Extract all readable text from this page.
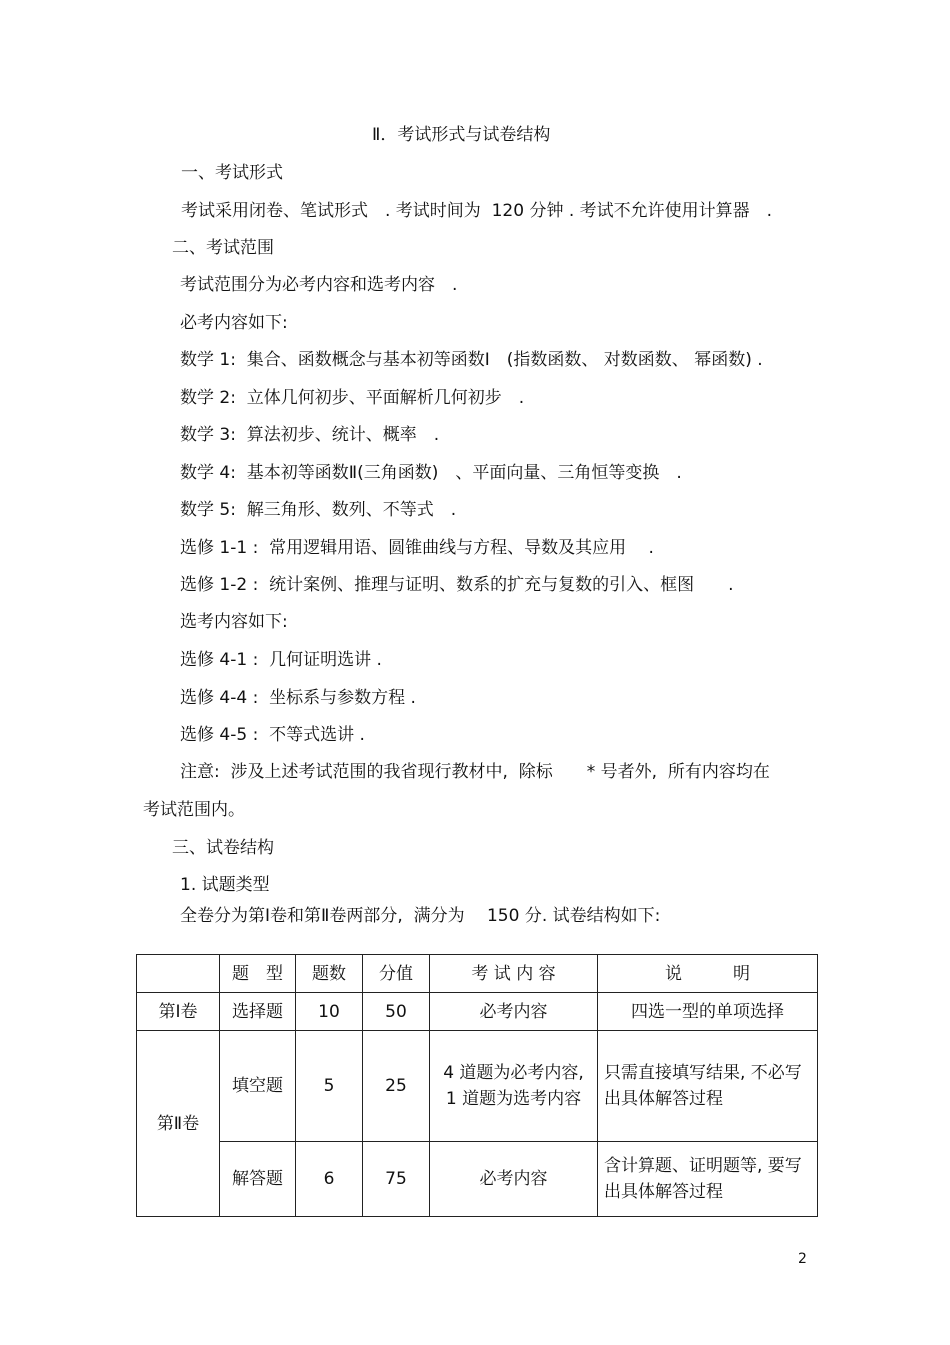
Ⅱ．考试形式与试卷结构
一、考试形式
考试采用闭卷、笔试形式　. 考试时间为  120 分钟 . 考试不允许使用计算器　.
二、考试范围
考试范围分为必考内容和选考内容　.
必考内容如下:
数学 1:  集合、函数概念与基本初等函数Ⅰ　(指数函数、 对数函数、 幂函数) .
数学 2:  立体几何初步、平面解析几何初步　.
数学 3:  算法初步、统计、概率　.
数学 4:  基本初等函数Ⅱ(三角函数)　、平面向量、三角恒等变换　.
数学 5:  解三角形、数列、不等式　.
选修 1-1 :  常用逻辑用语、圆锥曲线与方程、导数及其应用　 .
选修 1-2 :  统计案例、推理与证明、数系的扩充与复数的引入、框图　　.
选考内容如下:
选修 4-1 :  几何证明选讲 .
选修 4-4 :  坐标系与参数方程 .
选修 4-5 :  不等式选讲 .
注意:  涉及上述考试范围的我省现行教材中,  除标　　* 号者外,  所有内容均在
考试范围内。
三、试卷结构
1. 试题类型
全卷分为第Ⅰ卷和第Ⅱ卷两部分,  满分为　 150 分. 试卷结构如下:
	题　型	题数	分值	考 试 内 容	说　　　明
第Ⅰ卷	选择题	10	50	必考内容	四选一型的单项选择
第Ⅱ卷	填空题	5	25	4 道题为必考内容,
1 道题为选考内容	只需直接填写结果, 不必写出具体解答过程
	解答题	6	75	必考内容	含计算题、证明题等, 要写出具体解答过程
2
